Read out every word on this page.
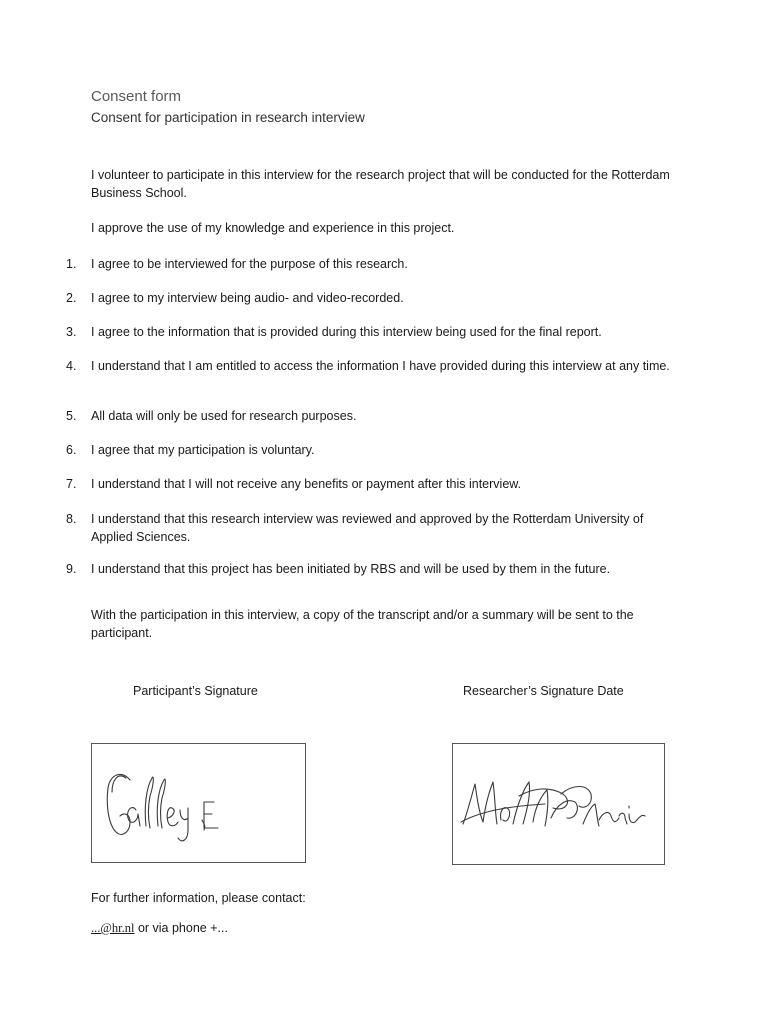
Consent form
Consent for participation in research interview
I volunteer to participate in this interview for the research project that will be conducted for the Rotterdam Business School.
I approve the use of my knowledge and experience in this project.
1.	I agree to be interviewed for the purpose of this research.
2.	I agree to my interview being audio- and video-recorded.
3.	I agree to the information that is provided during this interview being used for the final report.
4.	I understand that I am entitled to access the information I have provided during this interview at any time.
5.	All data will only be used for research purposes.
6.	I agree that my participation is voluntary.
7.	I understand that I will not receive any benefits or payment after this interview.
8.	I understand that this research interview was reviewed and approved by the Rotterdam University of Applied Sciences.
9.	I understand that this project has been initiated by RBS and will be used by them in the future.
With the participation in this interview, a copy of the transcript and/or a summary will be sent to the participant.
Participant’s Signature	Researcher’s Signature Date
For further information, please contact:
...@hr.nl or via phone +...
